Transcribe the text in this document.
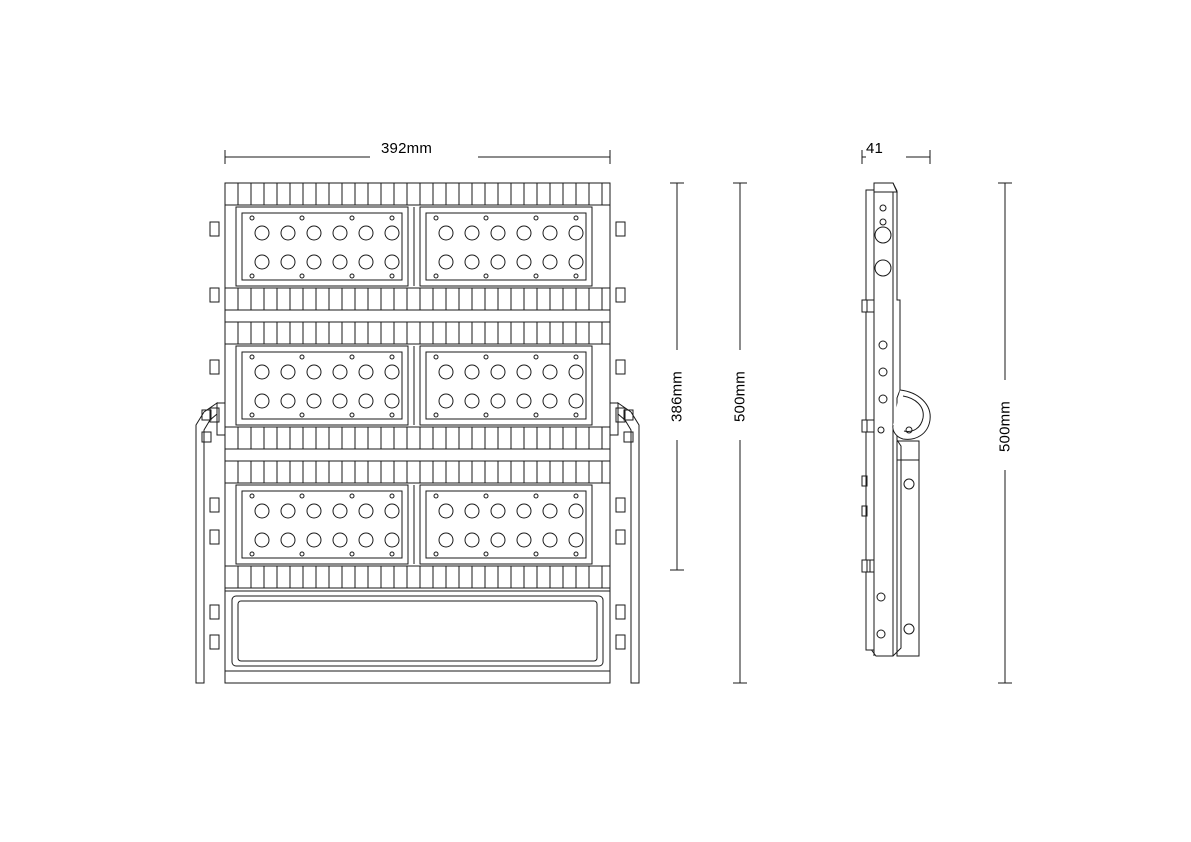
392mm	41
386mm	500mm
500mm
